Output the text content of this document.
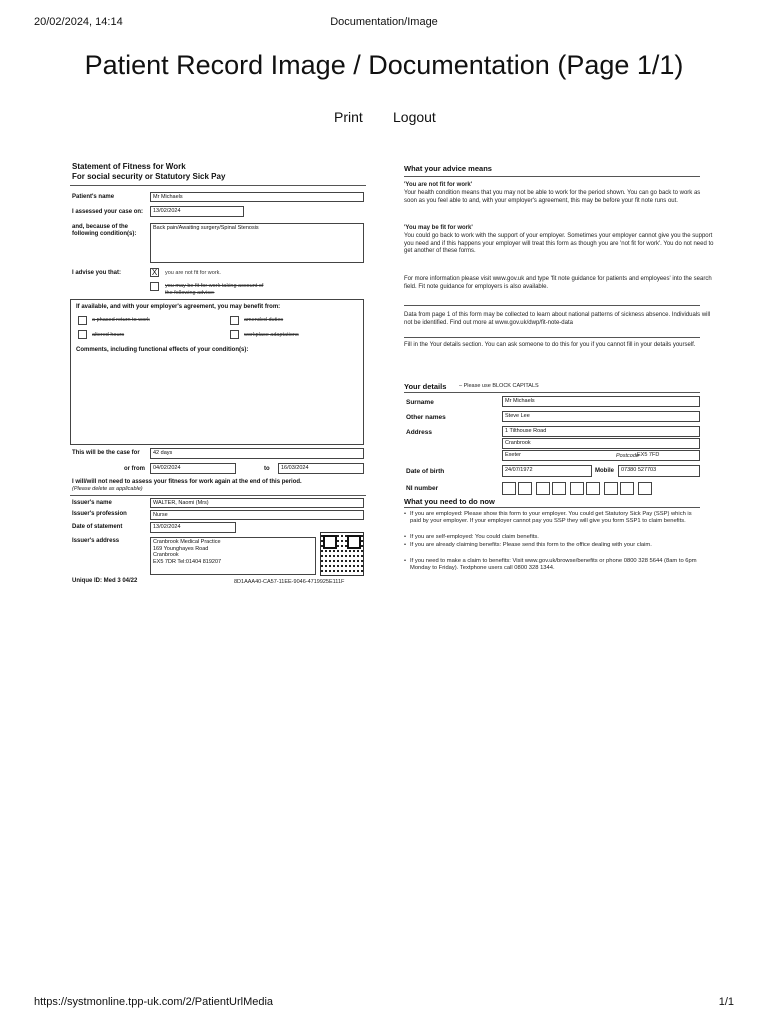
20/02/2024, 14:14	Documentation/Image
Patient Record Image / Documentation (Page 1/1)
Print Logout
Statement of Fitness for Work
For social security or Statutory Sick Pay
Patient's name	Mr Michaels
I assessed your case on:	13/02/2024
and, because of the
following condition(s):
Back pain/Awaiting surgery/Spinal Stenosis
I advise you that:	X	you are not fit for work.
you may be fit for work taking account of
the following advice:
If available, and with your employer's agreement, you may benefit from:
a phased return to work	amended duties
altered hours	workplace adaptations
Comments, including functional effects of your condition(s):
This will be the case for	42 days
or from	04/02/2024	to	16/03/2024
I will/will not need to assess your fitness for work again at the end of this period.
(Please delete as applicable)
Issuer's name	WALTER, Naomi (Mrs)
Issuer's profession	Nurse
Date of statement	13/02/2024
Issuer's address	Cranbrook Medical Practice
169 Younghayes Road
Cranbrook
EX5 7DR Tel:01404 819207
Unique ID: Med 3 04/22	8D1AAA40-CA57-11EE-9046-4719925E111F
What your advice means
'You are not fit for work'
Your health condition means that you may not be able to work for the period shown. You can go back to work as soon as you feel able to and, with your employer's agreement, this may be before your fit note runs out.
'You may be fit for work'
You could go back to work with the support of your employer. Sometimes your employer cannot give you the support you need and if this happens your employer will treat this form as though you are 'not fit for work'. You do not need to get another of these forms.
For more information please visit www.gov.uk and type 'fit note guidance for patients and employees' into the search field. Fit note guidance for employers is also available.
Data from page 1 of this form may be collected to learn about national patterns of sickness absence. Individuals will not be identified. Find out more at www.gov.uk/dwp/fit-note-data
Fill in the Your details section. You can ask someone to do this for you if you cannot fill in your details yourself.
Your details – Please use BLOCK CAPITALS
Surname	Mr Michaels
Other names	Steve Lee
Address	1 Tilthouse Road
Cranbrook
Exeter	Postcode
EX5 7FD
Date of birth	24/07/1972	Mobile	07380 527703
NI number
What you need to do now
• If you are employed: Please show this form to your employer. You could get Statutory Sick Pay (SSP) which is paid by your employer. If your employer cannot pay you SSP they will give you form SSP1 to claim benefits.
• If you are self-employed: You could claim benefits.
• If you are already claiming benefits: Please send this form to the office dealing with your claim.
• If you need to make a claim to benefits: Visit www.gov.uk/browse/benefits or phone 0800 328 5644 (8am to 6pm Monday to Friday). Textphone users call 0800 328 1344.
https://systmonline.tpp-uk.com/2/PatientUrlMedia	1/1
